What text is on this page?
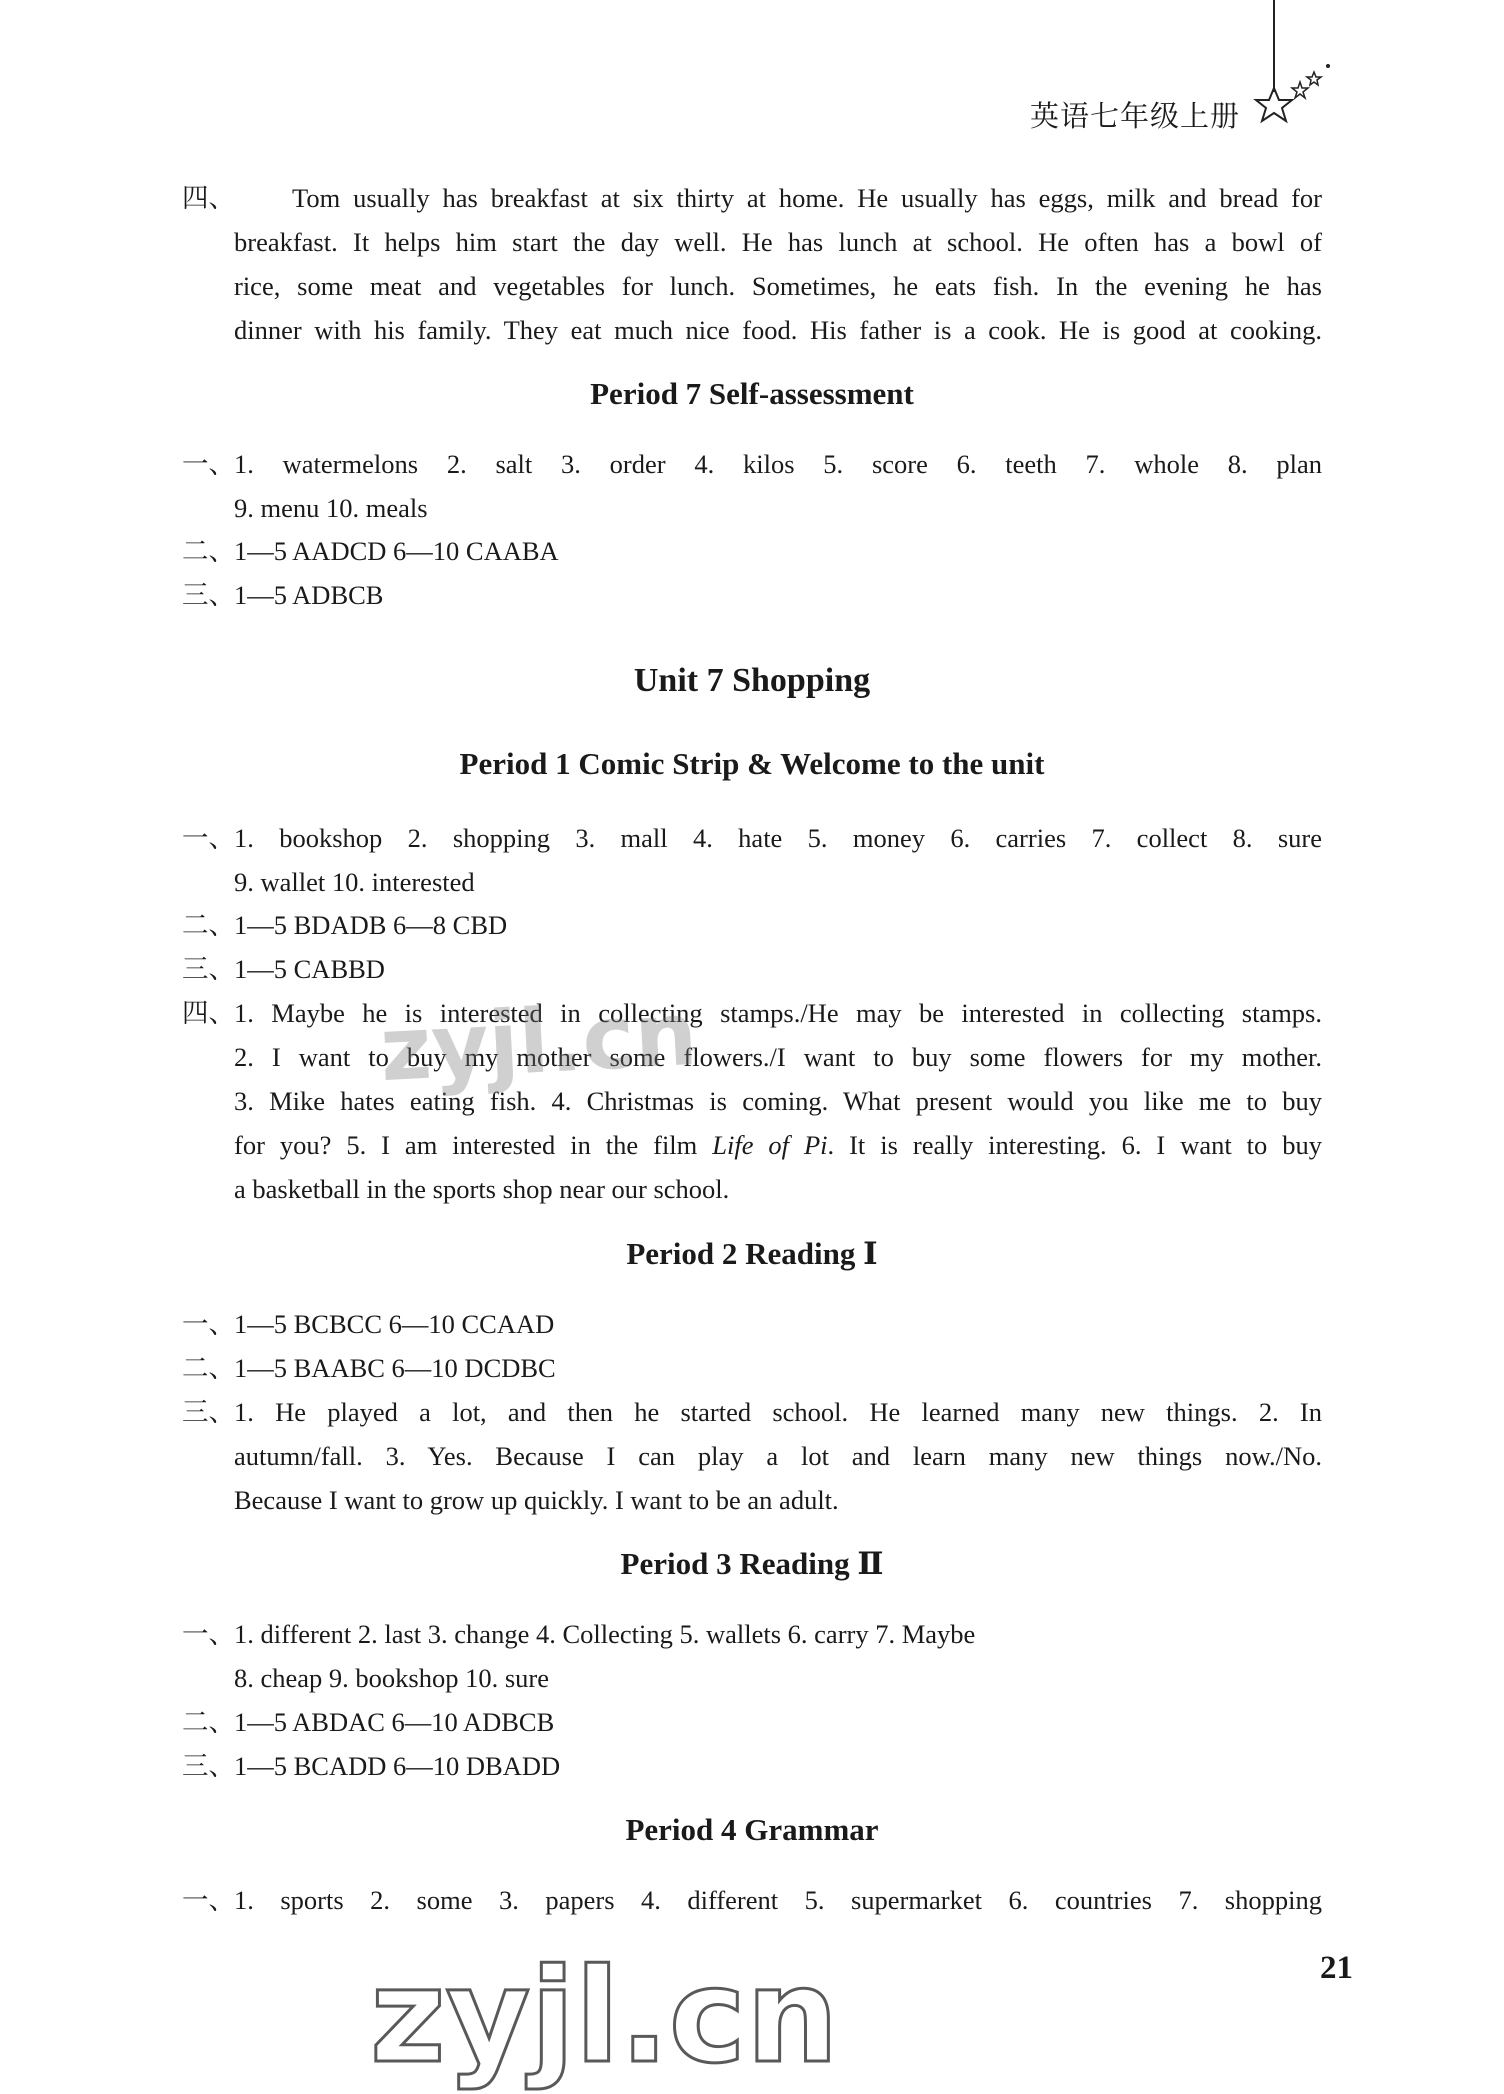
英语七年级上册
四、 Tom usually has breakfast at six thirty at home. He usually has eggs, milk and bread for
breakfast. It helps him start the day well. He has lunch at school. He often has a bowl of
rice, some meat and vegetables for lunch. Sometimes, he eats fish. In the evening he has
dinner with his family. They eat much nice food. His father is a cook. He is good at cooking.
Period 7 Self-assessment
一、 1. watermelons 2. salt 3. order 4. kilos 5. score 6. teeth 7. whole 8. plan
9. menu 10. meals
二、 1—5 AADCD 6—10 CAABA
三、 1—5 ADBCB
Unit 7 Shopping
Period 1 Comic Strip & Welcome to the unit
一、 1. bookshop 2. shopping 3. mall 4. hate 5. money 6. carries 7. collect 8. sure
9. wallet 10. interested
二、 1—5 BDADB 6—8 CBD
三、 1—5 CABBD
四、 1. Maybe he is interested in collecting stamps./He may be interested in collecting stamps.
2. I want to buy my mother some flowers./I want to buy some flowers for my mother.
3. Mike hates eating fish. 4. Christmas is coming. What present would you like me to buy
for you? 5. I am interested in the film Life of Pi. It is really interesting. 6. I want to buy
a basketball in the sports shop near our school.
Period 2 Reading Ⅰ
一、 1—5 BCBCC 6—10 CCAAD
二、 1—5 BAABC 6—10 DCDBC
三、 1. He played a lot, and then he started school. He learned many new things. 2. In
autumn/fall. 3. Yes. Because I can play a lot and learn many new things now./No.
Because I want to grow up quickly. I want to be an adult.
Period 3 Reading Ⅱ
一、 1. different 2. last 3. change 4. Collecting 5. wallets 6. carry 7. Maybe
8. cheap 9. bookshop 10. sure
二、 1—5 ABDAC 6—10 ADBCB
三、 1—5 BCADD 6—10 DBADD
Period 4 Grammar
一、 1. sports 2. some 3. papers 4. different 5. supermarket 6. countries 7. shopping
21
zyjl.cn
zyjl.cn
